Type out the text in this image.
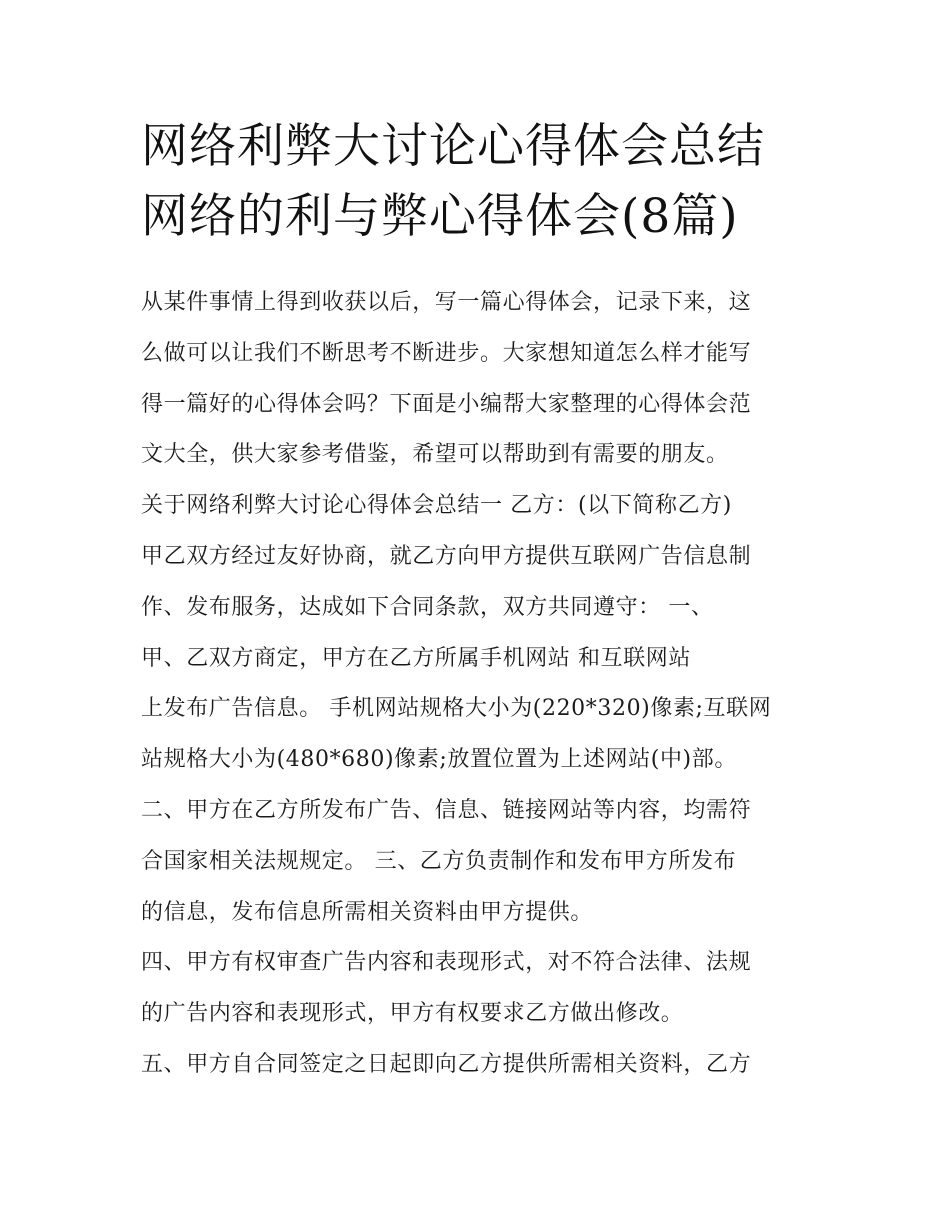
网络利弊大讨论心得体会总结
网络的利与弊心得体会(8篇)
从某件事情上得到收获以后，写一篇心得体会，记录下来，这
么做可以让我们不断思考不断进步。大家想知道怎么样才能写
得一篇好的心得体会吗？下面是小编帮大家整理的心得体会范
文大全，供大家参考借鉴，希望可以帮助到有需要的朋友。
关于网络利弊大讨论心得体会总结一 乙方：(以下简称乙方)
甲乙双方经过友好协商，就乙方向甲方提供互联网广告信息制
作、发布服务，达成如下合同条款，双方共同遵守： 一、
甲、乙双方商定，甲方在乙方所属手机网站 和互联网站
上发布广告信息。 手机网站规格大小为(220*320)像素;互联网
站规格大小为(480*680)像素;放置位置为上述网站(中)部。
二、甲方在乙方所发布广告、信息、链接网站等内容，均需符
合国家相关法规规定。 三、乙方负责制作和发布甲方所发布
的信息，发布信息所需相关资料由甲方提供。
四、甲方有权审查广告内容和表现形式，对不符合法律、法规
的广告内容和表现形式，甲方有权要求乙方做出修改。
五、甲方自合同签定之日起即向乙方提供所需相关资料，乙方
